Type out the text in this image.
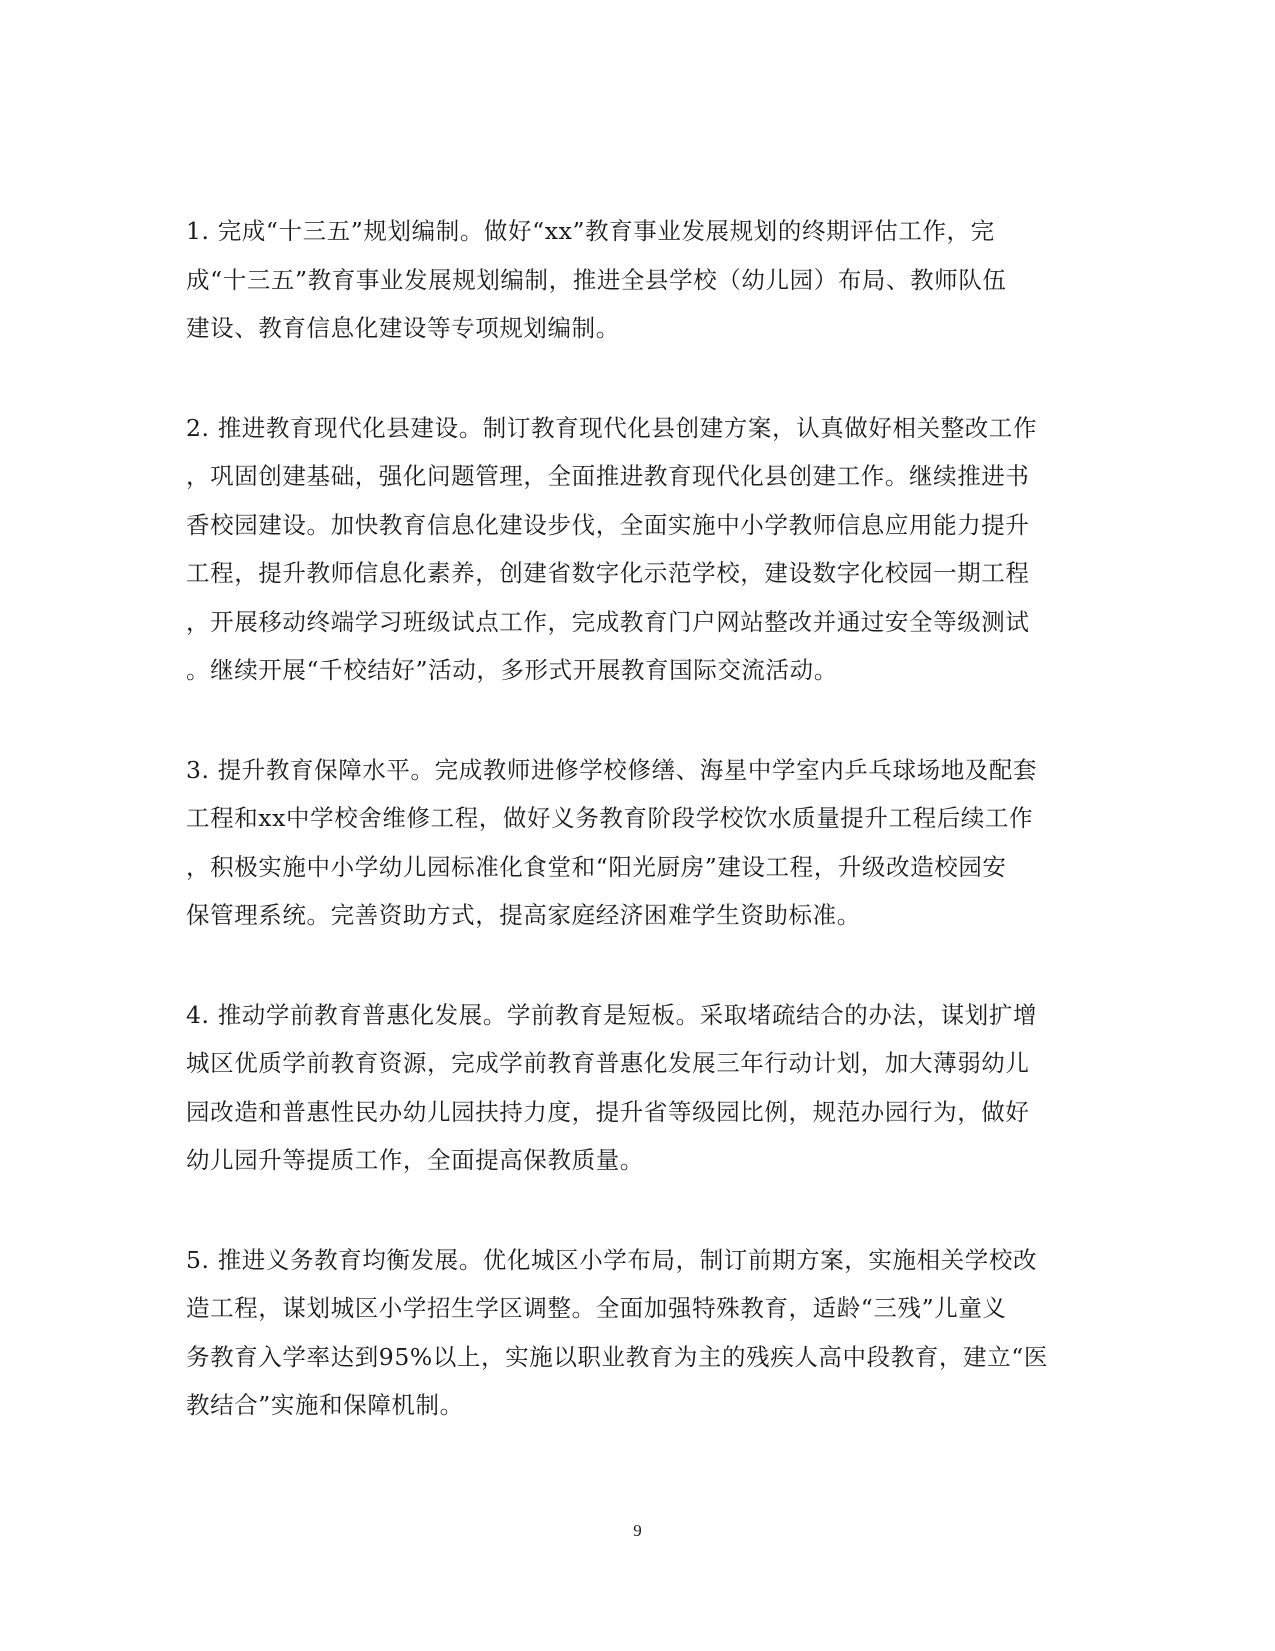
1. 完成“十三五”规划编制。做好“xx”教育事业发展规划的终期评估工作，完
成“十三五”教育事业发展规划编制，推进全县学校（幼儿园）布局、教师队伍
建设、教育信息化建设等专项规划编制。

2. 推进教育现代化县建设。制订教育现代化县创建方案，认真做好相关整改工作
，巩固创建基础，强化问题管理，全面推进教育现代化县创建工作。继续推进书
香校园建设。加快教育信息化建设步伐，全面实施中小学教师信息应用能力提升
工程，提升教师信息化素养，创建省数字化示范学校，建设数字化校园一期工程
，开展移动终端学习班级试点工作，完成教育门户网站整改并通过安全等级测试
。继续开展“千校结好”活动，多形式开展教育国际交流活动。

3. 提升教育保障水平。完成教师进修学校修缮、海星中学室内乒乓球场地及配套
工程和xx中学校舍维修工程，做好义务教育阶段学校饮水质量提升工程后续工作
，积极实施中小学幼儿园标准化食堂和“阳光厨房”建设工程，升级改造校园安
保管理系统。完善资助方式，提高家庭经济困难学生资助标准。

4. 推动学前教育普惠化发展。学前教育是短板。采取堵疏结合的办法，谋划扩增
城区优质学前教育资源，完成学前教育普惠化发展三年行动计划，加大薄弱幼儿
园改造和普惠性民办幼儿园扶持力度，提升省等级园比例，规范办园行为，做好
幼儿园升等提质工作，全面提高保教质量。

5. 推进义务教育均衡发展。优化城区小学布局，制订前期方案，实施相关学校改
造工程，谋划城区小学招生学区调整。全面加强特殊教育，适龄“三残”儿童义
务教育入学率达到95%以上，实施以职业教育为主的残疾人高中段教育，建立“医
教结合”实施和保障机制。

9
